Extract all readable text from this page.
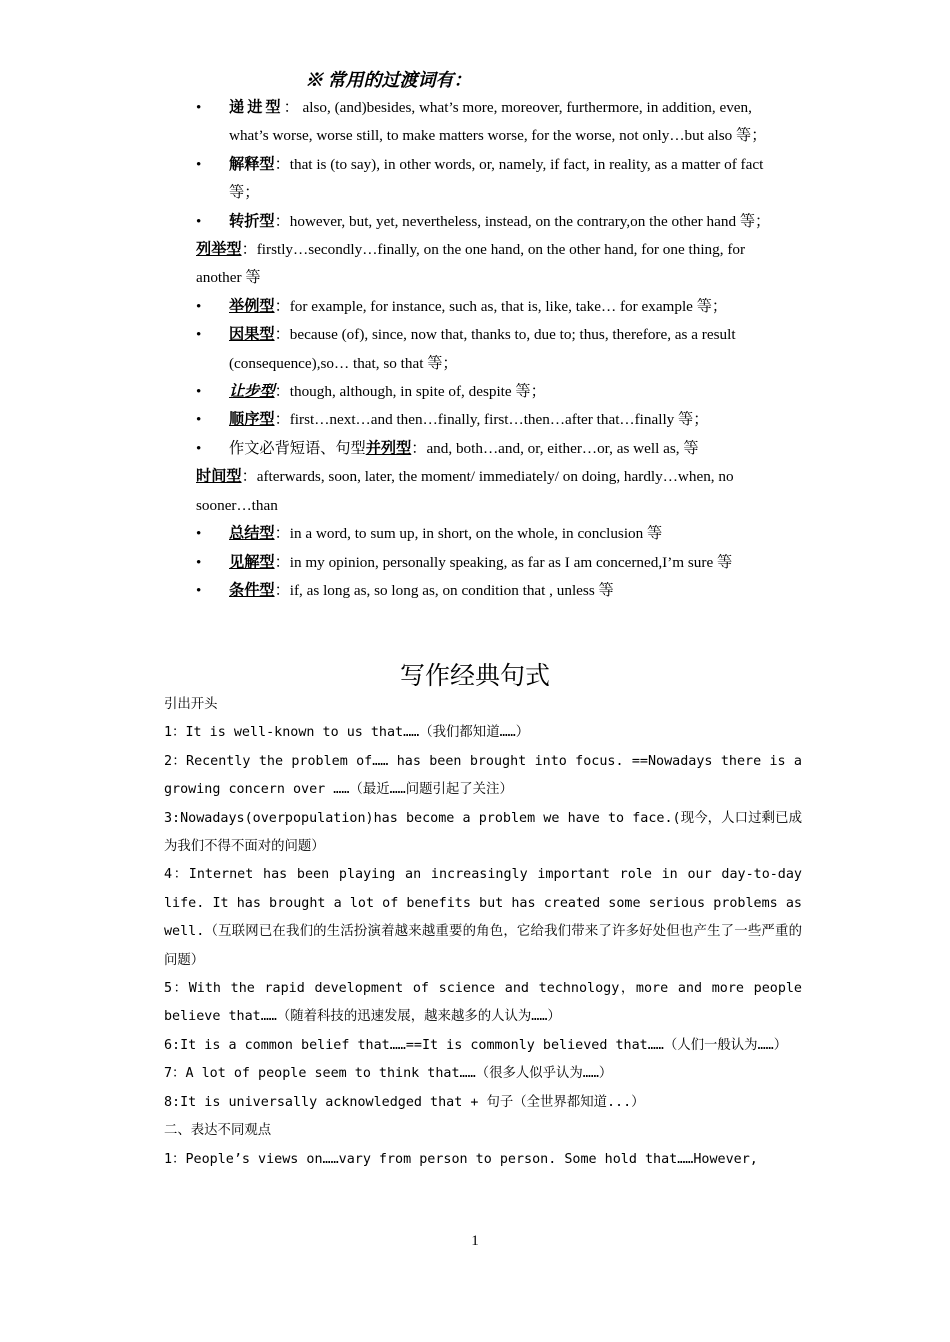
※ 常用的过渡词有：
• 递进型： also, (and)besides, what’s more, moreover, furthermore, in addition, even, what’s worse, worse still, to make matters worse, for the worse, not only…but also 等；
• 解释型：that is (to say), in other words, or, namely, if fact, in reality, as a matter of fact 等；
• 转折型：however, but, yet, nevertheless, instead, on the contrary,on the other hand 等；
列举型：firstly…secondly…finally, on the one hand, on the other hand, for one thing, for another 等
• 举例型：for example, for instance, such as, that is, like, take… for example 等；
• 因果型：because (of), since, now that, thanks to, due to; thus, therefore, as a result (consequence),so… that, so that 等；
• 让步型：though, although, in spite of, despite 等；
• 顺序型：first…next…and then…finally, first…then…after that…finally 等；
• 作文必背短语、句型并列型：and, both…and, or, either…or, as well as, 等
时间型：afterwards, soon, later, the moment/ immediately/ on doing, hardly…when, no sooner…than
• 总结型：in a word, to sum up, in short, on the whole, in conclusion 等
• 见解型：in my opinion, personally speaking, as far as I am concerned,I’m sure 等
• 条件型：if, as long as, so long as, on condition that , unless 等
写作经典句式

引出开头

1：It is well-known to us that……（我们都知道……）

2：Recently the problem of…… has been brought into focus. ==Nowadays there is a growing concern over ……（最近……问题引起了关注）

3:Nowadays(overpopulation)has become a problem we have to face.(现今，人口过剩已成为我们不得不面对的问题）

4：Internet has been playing an increasingly important role in our day-to-day life. It has brought a lot of benefits but has created some serious problems as well.（互联网已在我们的生活扮演着越来越重要的角色，它给我们带来了许多好处但也产生了一些严重的问题）

5：With the rapid development of science and technology，more and more people believe that……（随着科技的迅速发展，越来越多的人认为……）

6:It is a common belief that……==It is commonly believed that……（人们一般认为……）

7：A lot of people seem to think that……（很多人似乎认为……）

8:It is universally acknowledged that + 句子（全世界都知道...）

二、表达不同观点

1：People’s views on……vary from person to person. Some hold that……However,

1
